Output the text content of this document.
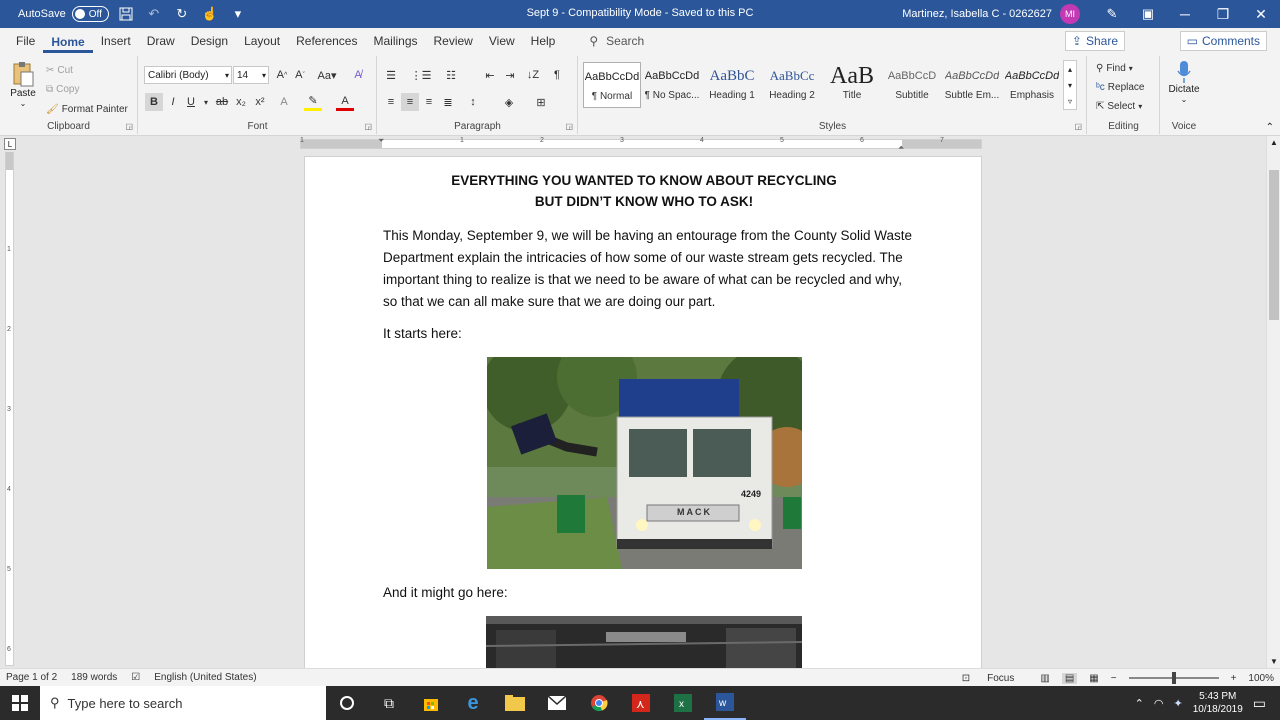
AutoSave Off	↶	↻	☝	▾	Sept 9 - Compatibility Mode - Saved to this PC	Martinez, Isabella C - 0262627	MI	✎	▣	─	❐	✕
File	Home	Insert	Draw	Design	Layout	References	Mailings	Review	View	Help	⚲ Search	⇪ Share	▭ Comments
Paste
⌄
✂ Cut
⧉ Copy
🖌 Format Painter
Clipboard	◲
Calibri (Body) ▾ 14 ▾ A ^ A ˇ Aa▾	A̸
B	I	U	▾ ab x₂ x²	A	✎	A
Font	◲
☰	⋮☰	☷	⇤ ⇥	↓Z	¶
≡	≡	≡	≣	↕	◈	⊞
Paragraph	◲
AaBbCcDd
¶ Normal
AaBbCcDd
¶ No Spac...
AaBbC
Heading 1
AaBbCc
Heading 2
AaB
Title
AaBbCcD
Subtitle
AaBbCcDd
Subtle Em...
AaBbCcDd
Emphasis
▴
▾
▿
Styles	◲
⚲ Find ▾
ᵇc Replace
⇱ Select ▾
Editing
Dictate
⌄
Voice	⌃
L	1	1	2	3	4	5	6	7
⏷
⏶
1
2
3
4
5
6
EVERYTHING YOU WANTED TO KNOW ABOUT RECYCLING
BUT DIDN’T KNOW WHO TO ASK!
This Monday, September 9, we will be having an entourage from the County Solid Waste Department explain the intricacies of how some of our waste stream gets recycled. The important thing to realize is that we need to be aware of what can be recycled and why, so that we can all make sure that we are doing our part.
It starts here:
4249
MACK
And it might go here:
▲
▼
Page 1 of 2 189 words ☑ English (United States)	⊡ Focus	▥	▤	▦ −	+ 100%
⚲ Type here to search	⧉	e	⋏	x	w	⌃ ◠ ✦
5:43 PM
10/18/2019 ▭
